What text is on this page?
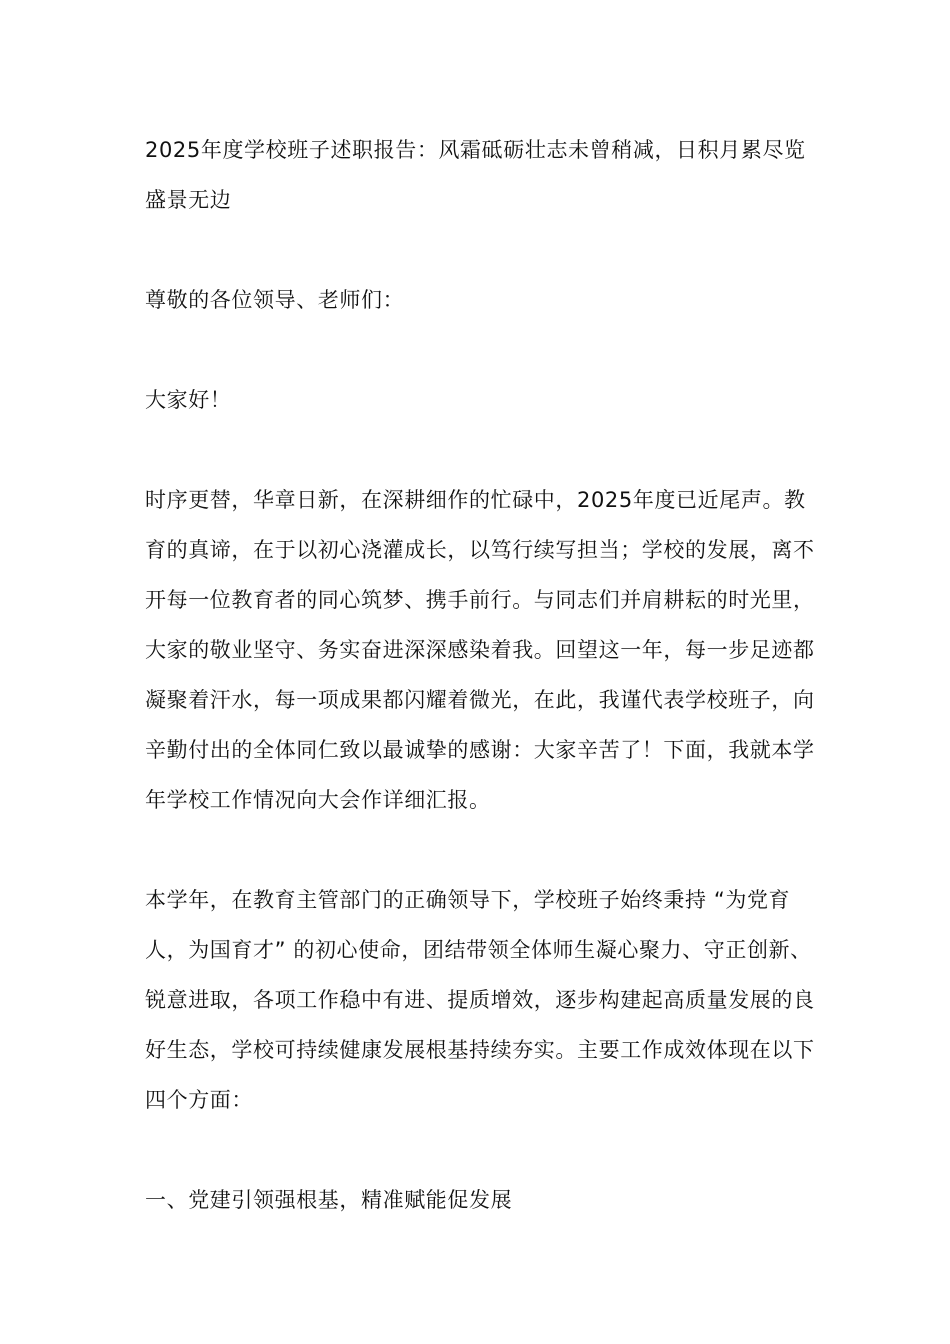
2025年度学校班子述职报告：风霜砥砺壮志未曾稍减，日积月累尽览盛景无边

尊敬的各位领导、老师们：

大家好！

时序更替，华章日新，在深耕细作的忙碌中，2025年度已近尾声。教育的真谛，在于以初心浇灌成长，以笃行续写担当；学校的发展，离不开每一位教育者的同心筑梦、携手前行。与同志们并肩耕耘的时光里，大家的敬业坚守、务实奋进深深感染着我。回望这一年，每一步足迹都凝聚着汗水，每一项成果都闪耀着微光，在此，我谨代表学校班子，向辛勤付出的全体同仁致以最诚挚的感谢：大家辛苦了！下面，我就本学年学校工作情况向大会作详细汇报。

本学年，在教育主管部门的正确领导下，学校班子始终秉持 “为党育人，为国育才” 的初心使命，团结带领全体师生凝心聚力、守正创新、锐意进取，各项工作稳中有进、提质增效，逐步构建起高质量发展的良好生态，学校可持续健康发展根基持续夯实。主要工作成效体现在以下四个方面：

一、党建引领强根基，精准赋能促发展
